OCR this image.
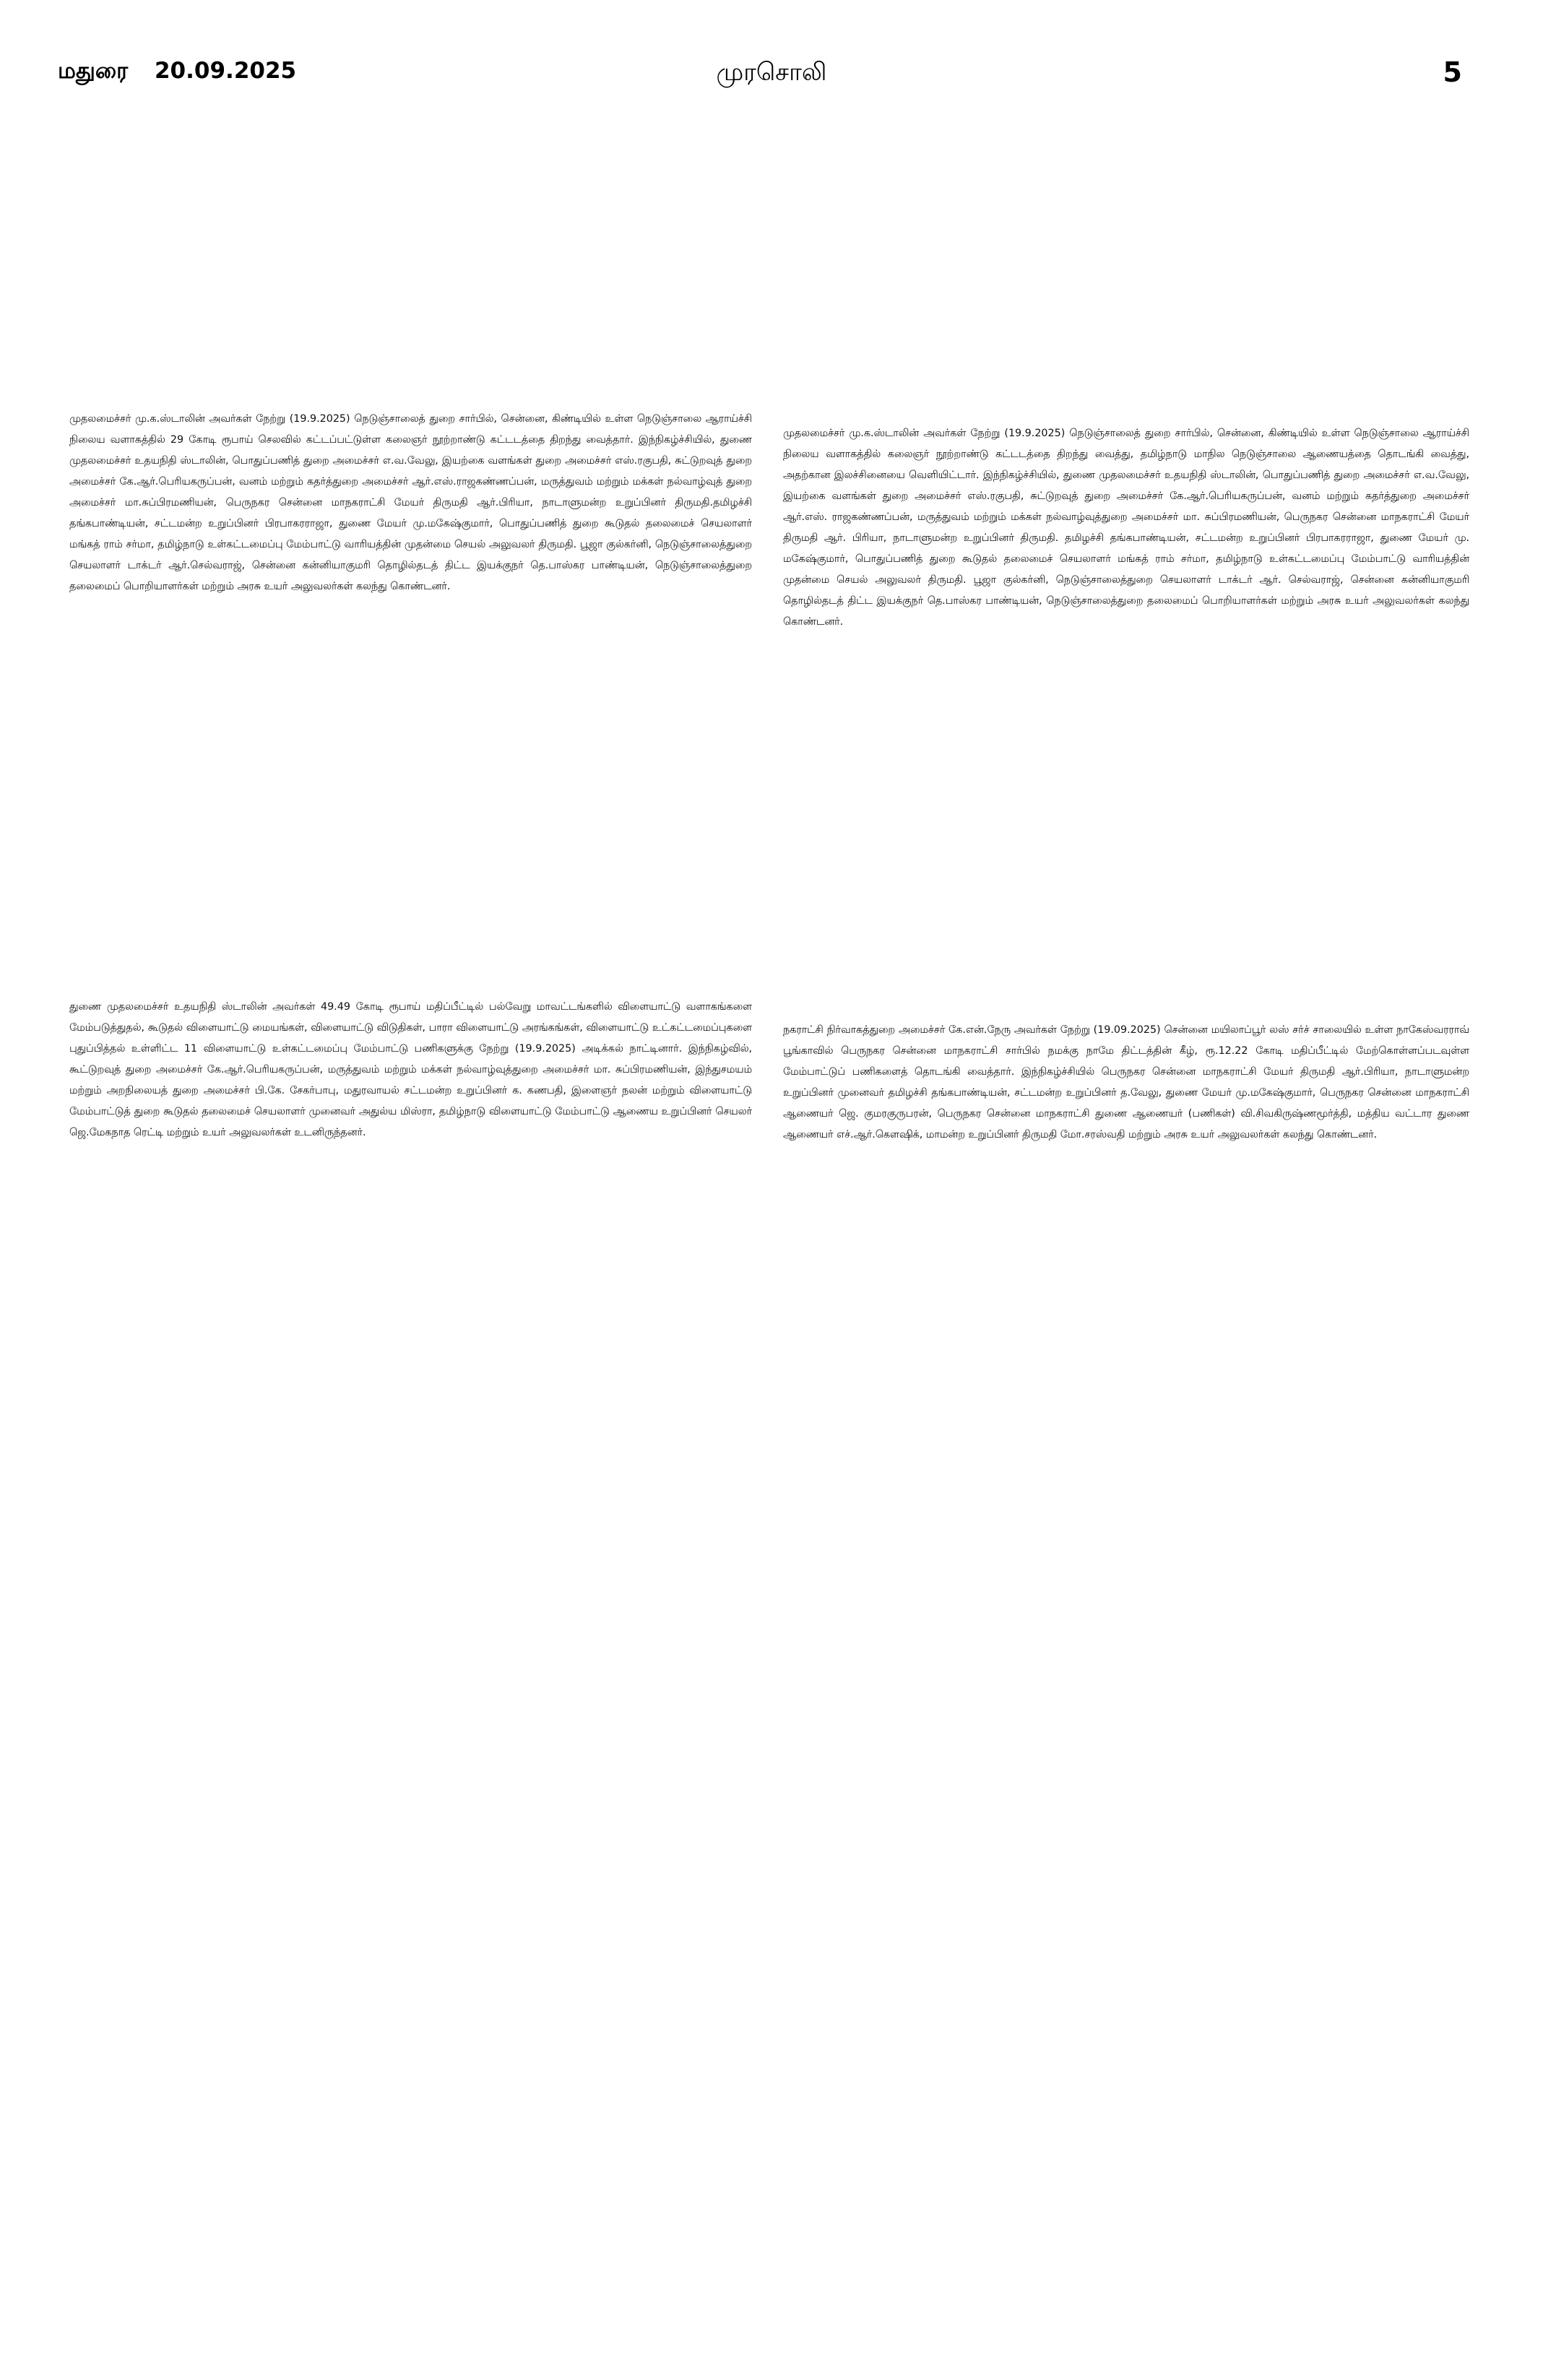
மதுரை 20.09.2025	முரசொலி	5
முதலமைச்சர் மு.க.ஸ்டாலின் அவர்கள் நேற்று (19.9.2025) நெடுஞ்சாலைத் துறை சார்பில், சென்னை, கிண்டியில் உள்ள நெடுஞ்சாலை ஆராய்ச்சி நிலைய வளாகத்தில் 29 கோடி ரூபாய் செலவில் கட்டப்பட்டுள்ள கலைஞர் நூற்றாண்டு கட்டடத்தை திறந்து வைத்தார். இந்நிகழ்ச்சியில், துணை முதலமைச்சர் உதயநிதி ஸ்டாலின், பொதுப்பணித் துறை அமைச்சர் எ.வ.வேலு, இயற்கை வளங்கள் துறை அமைச்சர் எஸ்.ரகுபதி, சுட்டுறவுத் துறை அமைச்சர் கே.ஆர்.பெரியகருப்பன், வனம் மற்றும் கதர்த்துறை அமைச்சர் ஆர்.எஸ்.ராஜகண்ணப்பன், மருத்துவம் மற்றும் மக்கள் நல்வாழ்வுத் துறை அமைச்சர் மா.சுப்பிரமணியன், பெருநகர சென்னை மாநகராட்சி மேயர் திருமதி ஆர்.பிரியா, நாடாளுமன்ற உறுப்பினர் திருமதி.தமிழச்சி தங்கபாண்டியன், சட்டமன்ற உறுப்பினர் பிரபாகரராஜா, துணை மேயர் மு.மகேஷ்குமார், பொதுப்பணித் துறை கூடுதல் தலைமைச் செயலாளர் மங்கத் ராம் சர்மா, தமிழ்நாடு உள்கட்டமைப்பு மேம்பாட்டு வாரியத்தின் முதன்மை செயல் அலுவலர் திருமதி. பூஜா குல்கர்னி, நெடுஞ்சாலைத்துறை செயலாளர் டாக்டர் ஆர்.செல்வராஜ், சென்னை கன்னியாகுமரி தொழில்தடத் திட்ட இயக்குநர் தெ.பாஸ்கர பாண்டியன், நெடுஞ்சாலைத்துறை தலைமைப் பொறியாளர்கள் மற்றும் அரசு உயர் அலுவலர்கள் கலந்து கொண்டனர்.
முதலமைச்சர் மு.க.ஸ்டாலின் அவர்கள் நேற்று (19.9.2025) நெடுஞ்சாலைத் துறை சார்பில், சென்னை, கிண்டியில் உள்ள நெடுஞ்சாலை ஆராய்ச்சி நிலைய வளாகத்தில் கலைஞர் நூற்றாண்டு கட்டடத்தை திறந்து வைத்து, தமிழ்நாடு மாநில நெடுஞ்சாலை ஆணையத்தை தொடங்கி வைத்து, அதற்கான இலச்சினையை வெளியிட்டார். இந்நிகழ்ச்சியில், துணை முதலமைச்சர் உதயநிதி ஸ்டாலின், பொதுப்பணித் துறை அமைச்சர் எ.வ.வேலு, இயற்கை வளங்கள் துறை அமைச்சர் எஸ்.ரகுபதி, சுட்டுறவுத் துறை அமைச்சர் கே.ஆர்.பெரியகருப்பன், வனம் மற்றும் கதர்த்துறை அமைச்சர் ஆர்.எஸ். ராஜகண்ணப்பன், மருத்துவம் மற்றும் மக்கள் நல்வாழ்வுத்துறை அமைச்சர் மா. சுப்பிரமணியன், பெருநகர சென்னை மாநகராட்சி மேயர் திருமதி ஆர். பிரியா, நாடாளுமன்ற உறுப்பினர் திருமதி. தமிழச்சி தங்கபாண்டியன், சட்டமன்ற உறுப்பினர் பிரபாகரராஜா, துணை மேயர் மு. மகேஷ்குமார், பொதுப்பணித் துறை கூடுதல் தலைமைச் செயலாளர் மங்கத் ராம் சர்மா, தமிழ்நாடு உள்கட்டமைப்பு மேம்பாட்டு வாரியத்தின் முதன்மை செயல் அலுவலர் திருமதி. பூஜா குல்கர்னி, நெடுஞ்சாலைத்துறை செயலாளர் டாக்டர் ஆர். செல்வராஜ், சென்னை கன்னியாகுமரி தொழில்தடத் திட்ட இயக்குநர் தெ.பாஸ்கர பாண்டியன், நெடுஞ்சாலைத்துறை தலைமைப் பொறியாளர்கள் மற்றும் அரசு உயர் அலுவலர்கள் கலந்து கொண்டனர்.
துணை முதலமைச்சர் உதயநிதி ஸ்டாலின் அவர்கள் 49.49 கோடி ரூபாய் மதிப்பீட்டில் பல்வேறு மாவட்டங்களில் விளையாட்டு வளாகங்களை மேம்படுத்துதல், கூடுதல் விளையாட்டு மையங்கள், விளையாட்டு விடுதிகள், பாரா விளையாட்டு அரங்கங்கள், விளையாட்டு உட்கட்டமைப்புகளை புதுப்பித்தல் உள்ளிட்ட 11 விளையாட்டு உள்கட்டமைப்பு மேம்பாட்டு பணிகளுக்கு நேற்று (19.9.2025) அடிக்கல் நாட்டினார். இந்நிகழ்வில், கூட்டுறவுத் துறை அமைச்சர் கே.ஆர்.பெரியகருப்பன், மருத்துவம் மற்றும் மக்கள் நல்வாழ்வுத்துறை அமைச்சர் மா. சுப்பிரமணியன், இந்துசமயம் மற்றும் அறநிலையத் துறை அமைச்சர் பி.கே. சேகர்பாபு, மதுரவாயல் சட்டமன்ற உறுப்பினர் க. கணபதி, இளைஞர் நலன் மற்றும் விளையாட்டு மேம்பாட்டுத் துறை கூடுதல் தலைமைச் செயலாளர் முனைவர் அதுல்ய மிஸ்ரா, தமிழ்நாடு விளையாட்டு மேம்பாட்டு ஆணைய உறுப்பினர் செயலர் ஜெ.மேகநாத ரெட்டி மற்றும் உயர் அலுவலர்கள் உடனிருந்தனர்.
நகராட்சி நிர்வாகத்துறை அமைச்சர் கே.என்.நேரு அவர்கள் நேற்று (19.09.2025) சென்னை மயிலாப்பூர் லஸ் சர்ச் சாலையில் உள்ள நாகேஸ்வரராவ் பூங்காவில் பெருநகர சென்னை மாநகராட்சி சார்பில் நமக்கு நாமே திட்டத்தின் கீழ், ரூ.12.22 கோடி மதிப்பீட்டில் மேற்கொள்ளப்படவுள்ள மேம்பாட்டுப் பணிகளைத் தொடங்கி வைத்தார். இந்நிகழ்ச்சியில் பெருநகர சென்னை மாநகராட்சி மேயர் திருமதி ஆர்.பிரியா, நாடாளுமன்ற உறுப்பினர் முனைவர் தமிழச்சி தங்கபாண்டியன், சட்டமன்ற உறுப்பினர் த.வேலு, துணை மேயர் மு.மகேஷ்குமார், பெருநகர சென்னை மாநகராட்சி ஆணையர் ஜெ. குமரகுருபரன், பெருநகர சென்னை மாநகராட்சி துணை ஆணையர் (பணிகள்) வி.சிவகிருஷ்ணமூர்த்தி, மத்திய வட்டார துணை ஆணையர் எச்.ஆர்.கௌஷிக், மாமன்ற உறுப்பினர் திருமதி மோ.சரஸ்வதி மற்றும் அரசு உயர் அலுவலர்கள் கலந்து கொண்டனர்.
